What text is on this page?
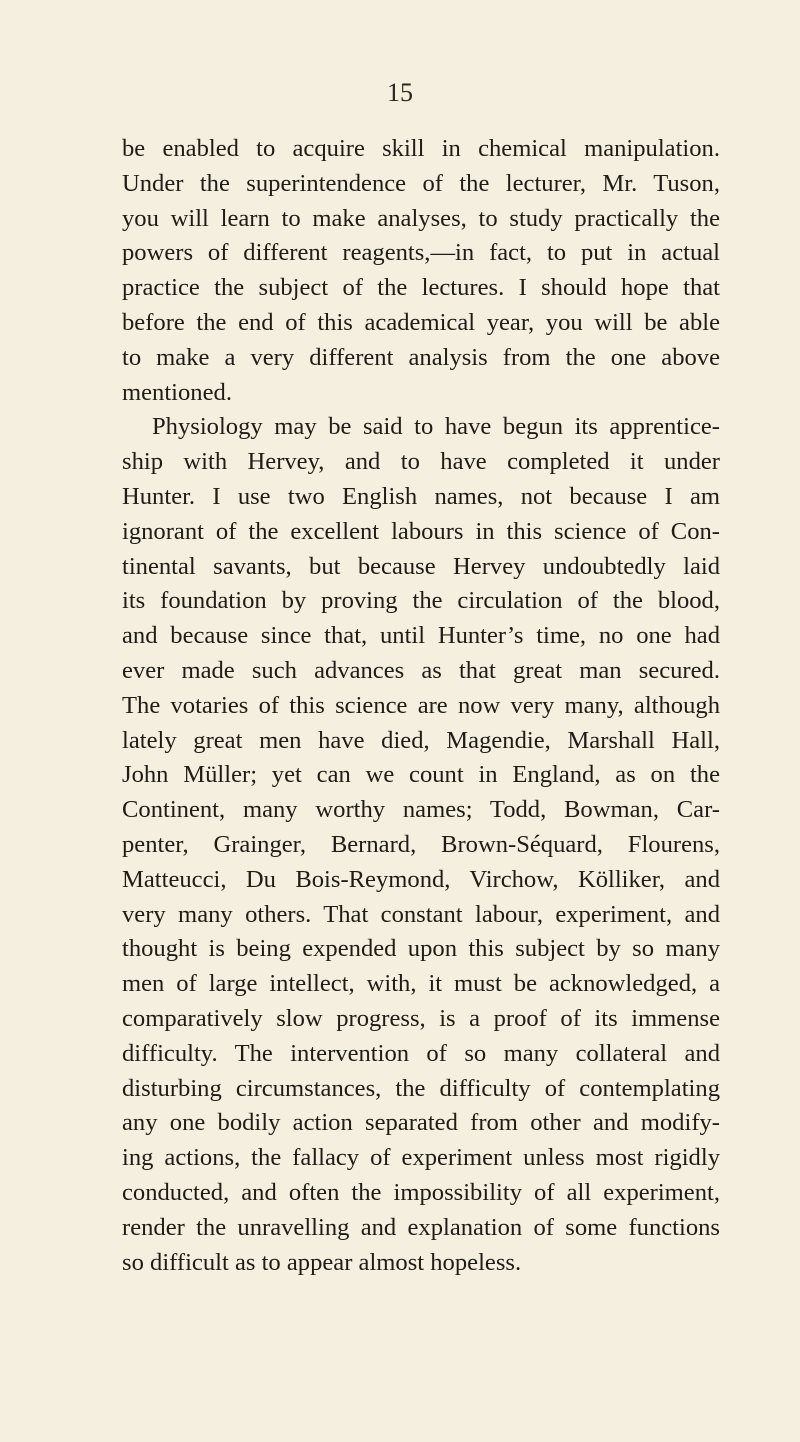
15
be enabled to acquire skill in chemical manipulation.
Under the superintendence of the lecturer, Mr. Tuson,
you will learn to make analyses, to study practically the
powers of different reagents,—in fact, to put in actual
practice the subject of the lectures. I should hope that
before the end of this academical year, you will be able
to make a very different analysis from the one above
mentioned.
Physiology may be said to have begun its apprentice-
ship with Hervey, and to have completed it under
Hunter. I use two English names, not because I am
ignorant of the excellent labours in this science of Con-
tinental savants, but because Hervey undoubtedly laid
its foundation by proving the circulation of the blood,
and because since that, until Hunter’s time, no one had
ever made such advances as that great man secured.
The votaries of this science are now very many, although
lately great men have died, Magendie, Marshall Hall,
John Müller; yet can we count in England, as on the
Continent, many worthy names; Todd, Bowman, Car-
penter, Grainger, Bernard, Brown-Séquard, Flourens,
Matteucci, Du Bois-Reymond, Virchow, Kölliker, and
very many others. That constant labour, experiment, and
thought is being expended upon this subject by so many
men of large intellect, with, it must be acknowledged, a
comparatively slow progress, is a proof of its immense
difficulty. The intervention of so many collateral and
disturbing circumstances, the difficulty of contemplating
any one bodily action separated from other and modify-
ing actions, the fallacy of experiment unless most rigidly
conducted, and often the impossibility of all experiment,
render the unravelling and explanation of some functions
so difficult as to appear almost hopeless.
